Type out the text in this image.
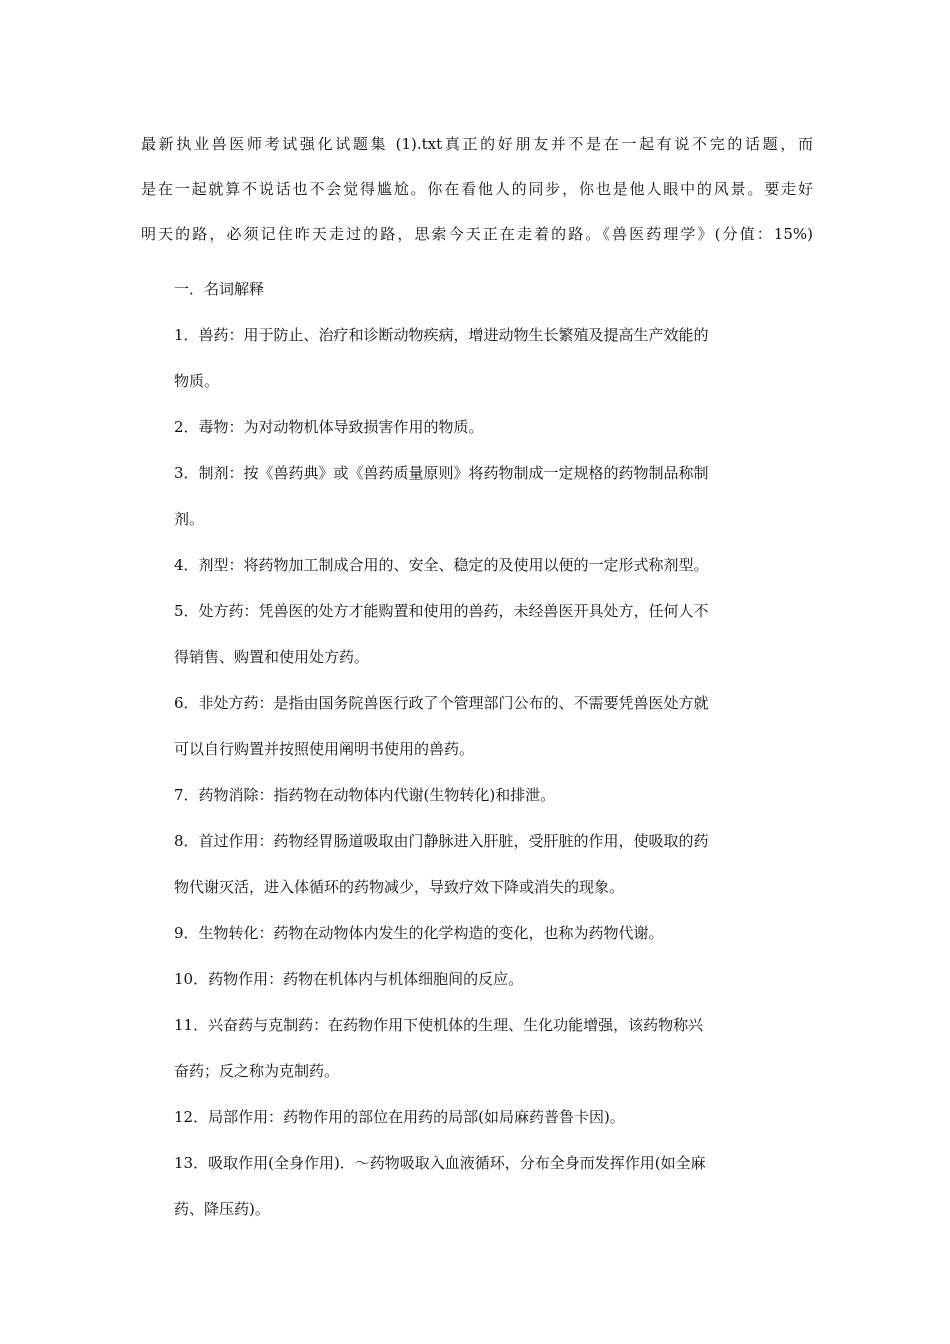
最新执业兽医师考试强化试题集 (1).txt真正的好朋友并不是在一起有说不完的话题，而

是在一起就算不说话也不会觉得尴尬。你在看他人的同步，你也是他人眼中的风景。要走好

明天的路，必须记住昨天走过的路，思索今天正在走着的路。《兽医药理学》(分值：15%)

一．名词解释

1．兽药：用于防止、治疗和诊断动物疾病，增进动物生长繁殖及提高生产效能的

物质。

2．毒物：为对动物机体导致损害作用的物质。

3．制剂：按《兽药典》或《兽药质量原则》将药物制成一定规格的药物制品称制

剂。

4．剂型：将药物加工制成合用的、安全、稳定的及使用以便的一定形式称剂型。

5．处方药：凭兽医的处方才能购置和使用的兽药，未经兽医开具处方，任何人不

得销售、购置和使用处方药。

6．非处方药：是指由国务院兽医行政了个管理部门公布的、不需要凭兽医处方就

可以自行购置并按照使用阐明书使用的兽药。

7．药物消除：指药物在动物体内代谢(生物转化)和排泄。

8．首过作用：药物经胃肠道吸取由门静脉进入肝脏，受肝脏的作用，使吸取的药

物代谢灭活，进入体循环的药物减少，导致疗效下降或消失的现象。

9．生物转化：药物在动物体内发生的化学构造的变化，也称为药物代谢。

10．药物作用：药物在机体内与机体细胞间的反应。

11．兴奋药与克制药：在药物作用下使机体的生理、生化功能增强，该药物称兴

奋药；反之称为克制药。

12．局部作用：药物作用的部位在用药的局部(如局麻药普鲁卡因)。

13．吸取作用(全身作用)．～药物吸取入血液循环，分布全身而发挥作用(如全麻

药、降压药)。
